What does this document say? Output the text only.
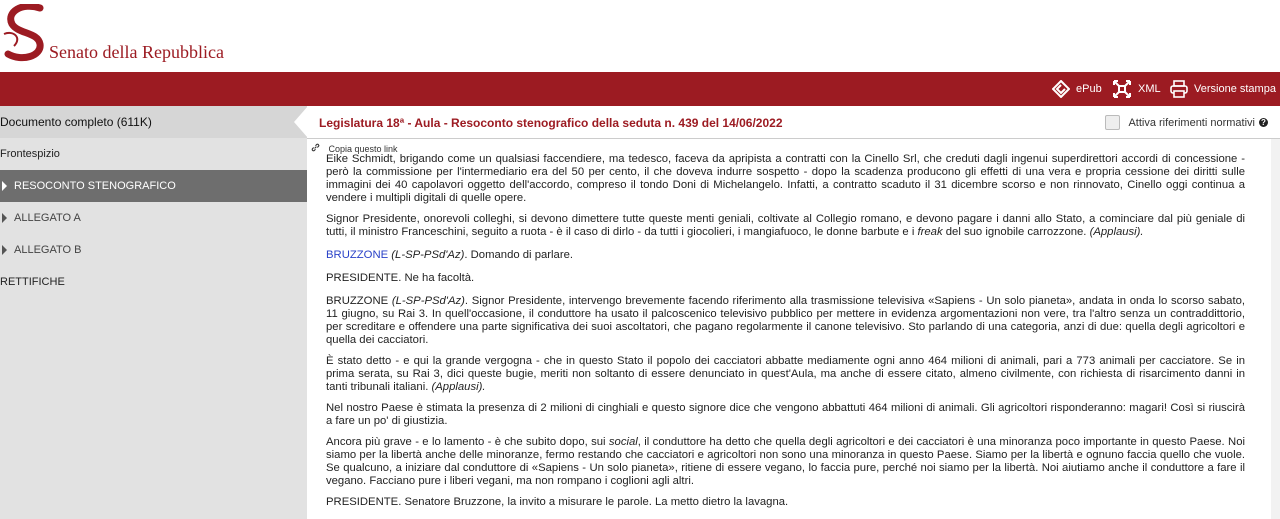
Senato della Repubblica
ePub	XML	Versione stampa
Documento completo (611K)
Frontespizio
RESOCONTO STENOGRAFICO
ALLEGATO A
ALLEGATO B
RETTIFICHE
Legislatura 18ª - Aula - Resoconto stenografico della seduta n. 439 del 14/06/2022	Attiva riferimenti normativi ?
Copia questo link

Eike Schmidt, brigando come un qualsiasi faccendiere, ma tedesco, faceva da apripista a contratti con la Cinello Srl, che creduti dagli ingenui superdirettori accordi di concessione - però la commissione per l'intermediario era del 50 per cento, il che doveva indurre sospetto - dopo la scadenza producono gli effetti di una vera e propria cessione dei diritti sulle immagini dei 40 capolavori oggetto dell'accordo, compreso il tondo Doni di Michelangelo. Infatti, a contratto scaduto il 31 dicembre scorso e non rinnovato, Cinello oggi continua a vendere i multipli digitali di quelle opere.

Signor Presidente, onorevoli colleghi, si devono dimettere tutte queste menti geniali, coltivate al Collegio romano, e devono pagare i danni allo Stato, a cominciare dal più geniale di tutti, il ministro Franceschini, seguito a ruota - è il caso di dirlo - da tutti i giocolieri, i mangiafuoco, le donne barbute e i freak del suo ignobile carrozzone. (Applausi).

BRUZZONE (L-SP-PSd'Az). Domando di parlare.

PRESIDENTE. Ne ha facoltà.

BRUZZONE (L-SP-PSd'Az). Signor Presidente, intervengo brevemente facendo riferimento alla trasmissione televisiva «Sapiens - Un solo pianeta», andata in onda lo scorso sabato, 11 giugno, su Rai 3. In quell'occasione, il conduttore ha usato il palcoscenico televisivo pubblico per mettere in evidenza argomentazioni non vere, tra l'altro senza un contraddittorio, per screditare e offendere una parte significativa dei suoi ascoltatori, che pagano regolarmente il canone televisivo. Sto parlando di una categoria, anzi di due: quella degli agricoltori e quella dei cacciatori.

È stato detto - e qui la grande vergogna - che in questo Stato il popolo dei cacciatori abbatte mediamente ogni anno 464 milioni di animali, pari a 773 animali per cacciatore. Se in prima serata, su Rai 3, dici queste bugie, meriti non soltanto di essere denunciato in quest'Aula, ma anche di essere citato, almeno civilmente, con richiesta di risarcimento danni in tanti tribunali italiani. (Applausi).

Nel nostro Paese è stimata la presenza di 2 milioni di cinghiali e questo signore dice che vengono abbattuti 464 milioni di animali. Gli agricoltori risponderanno: magari! Così si riuscirà a fare un po' di giustizia.

Ancora più grave - e lo lamento - è che subito dopo, sui social, il conduttore ha detto che quella degli agricoltori e dei cacciatori è una minoranza poco importante in questo Paese. Noi siamo per la libertà anche delle minoranze, fermo restando che cacciatori e agricoltori non sono una minoranza in questo Paese. Siamo per la libertà e ognuno faccia quello che vuole. Se qualcuno, a iniziare dal conduttore di «Sapiens - Un solo pianeta», ritiene di essere vegano, lo faccia pure, perché noi siamo per la libertà. Noi aiutiamo anche il conduttore a fare il vegano. Facciano pure i liberi vegani, ma non rompano i coglioni agli altri.

PRESIDENTE. Senatore Bruzzone, la invito a misurare le parole. La metto dietro la lavagna.
